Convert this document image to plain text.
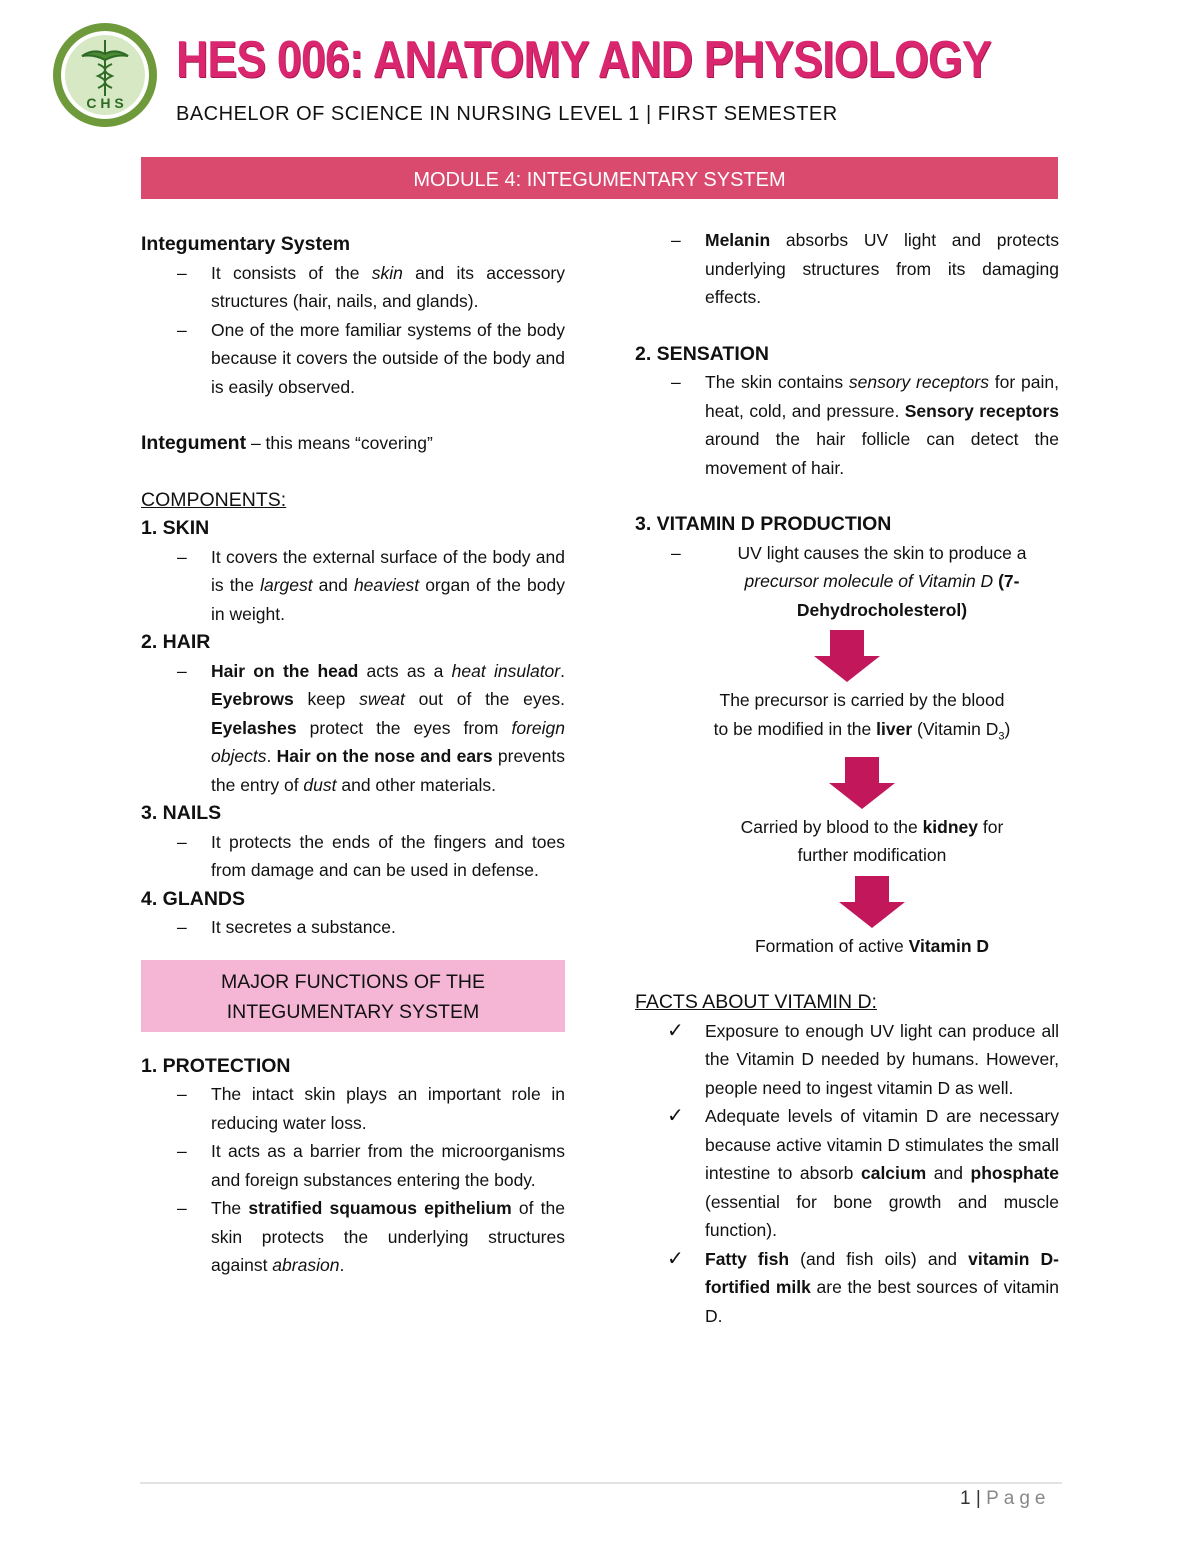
C H S
HES 006: ANATOMY AND PHYSIOLOGY
BACHELOR OF SCIENCE IN NURSING LEVEL 1 | FIRST SEMESTER
MODULE 4: INTEGUMENTARY SYSTEM

Integumentary System

– It consists of the skin and its accessory structures (hair, nails, and glands).
– One of the more familiar systems of the body because it covers the outside of the body and is easily observed.

Integument – this means “covering”

COMPONENTS:

1. SKIN

– It covers the external surface of the body and is the largest and heaviest organ of the body in weight.

2. HAIR

– Hair on the head acts as a heat insulator. Eyebrows keep sweat out of the eyes. Eyelashes protect the eyes from foreign objects. Hair on the nose and ears prevents the entry of dust and other materials.

3. NAILS

– It protects the ends of the fingers and toes from damage and can be used in defense.

4. GLANDS

– It secretes a substance.
MAJOR FUNCTIONS OF THE
INTEGUMENTARY SYSTEM

1. PROTECTION

– The intact skin plays an important role in reducing water loss.
– It acts as a barrier from the microorganisms and foreign substances entering the body.
– The stratified squamous epithelium of the skin protects the underlying structures against abrasion.
– Melanin absorbs UV light and protects underlying structures from its damaging effects.

2. SENSATION

– The skin contains sensory receptors for pain, heat, cold, and pressure. Sensory receptors around the hair follicle can detect the movement of hair.

3. VITAMIN D PRODUCTION

–	UV light causes the skin to produce a
precursor molecule of Vitamin D (7-
Dehydrocholesterol)
The precursor is carried by the blood
to be modified in the liver (Vitamin $D_3$)
Carried by blood to the kidney for
further modification
Formation of active Vitamin D

FACTS ABOUT VITAMIN D:

✓ Exposure to enough UV light can produce all the Vitamin D needed by humans. However, people need to ingest vitamin D as well.
✓ Adequate levels of vitamin D are necessary because active vitamin D stimulates the small intestine to absorb calcium and phosphate (essential for bone growth and muscle function).
✓ Fatty fish (and fish oils) and vitamin D-fortified milk are the best sources of vitamin D.
1 | Page
